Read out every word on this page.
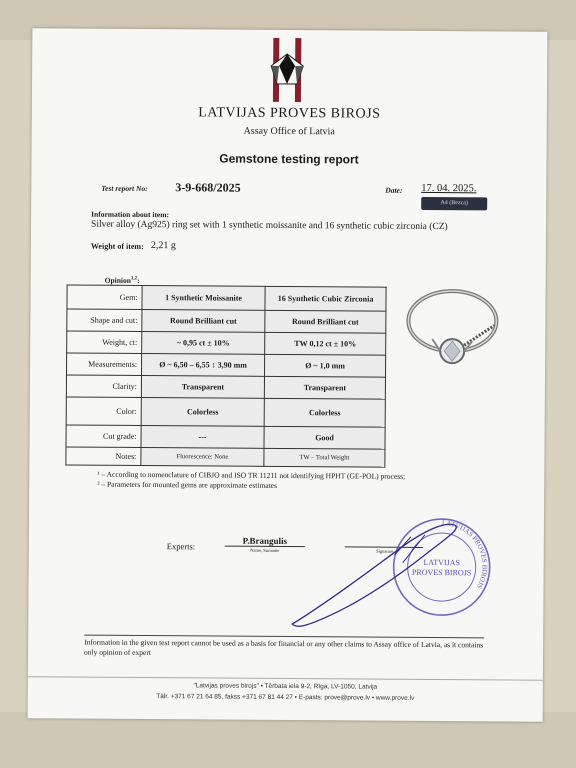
LATVIJAS PROVES BIROJS
Assay Office of Latvia
Gemstone testing report
Test report No: 3-9-668/2025	Date: 17. 04. 2025.
A4 (Bezca)
Information about item:
Silver alloy (Ag925) ring set with 1 synthetic moissanite and 16 synthetic cubic zirconia (CZ)
Weight of item: 2,21 g
Opinion$^{1,2}$:
Gem:	1 Synthetic Moissanite	16 Synthetic Cubic Zirconia
Shape and cut:	Round Brilliant cut	Round Brilliant cut
Weight, ct:	~ 0,95 ct ± 10%	TW 0,12 ct ± 10%
Measurements:	Ø ~ 6,50 – 6,55 ↕ 3,90 mm	Ø ~ 1,0 mm
Clarity:	Transparent	Transparent
Color:	Colorless	Colorless
Cut grade:	---	Good
Notes:	Fluorescence: None	TW – Total Weight
¹ – According to nomenclature of CIBJO and ISO TR 11211 not identifying HPHT (GE-POL) process;
² – Parameters for mounted gems are approximate estimates
Experts:
P.Brangulis
Name, Surname	Signature
LATVIJAS PROVES BIROJS
LATVIJAS
PROVES BIROJS
Information in the given test report cannot be used as a basis for financial or any other claims to Assay office of Latvia, as it contains only opinion of expert
"Latvijas proves birojs" • Tērbata iela 9-2, Rīga, LV-1050, Latvija
Tālr. +371 67 21 64 85, fakss +371 67 81 44 27 • E-pasts: prove@prove.lv • www.prove.lv
